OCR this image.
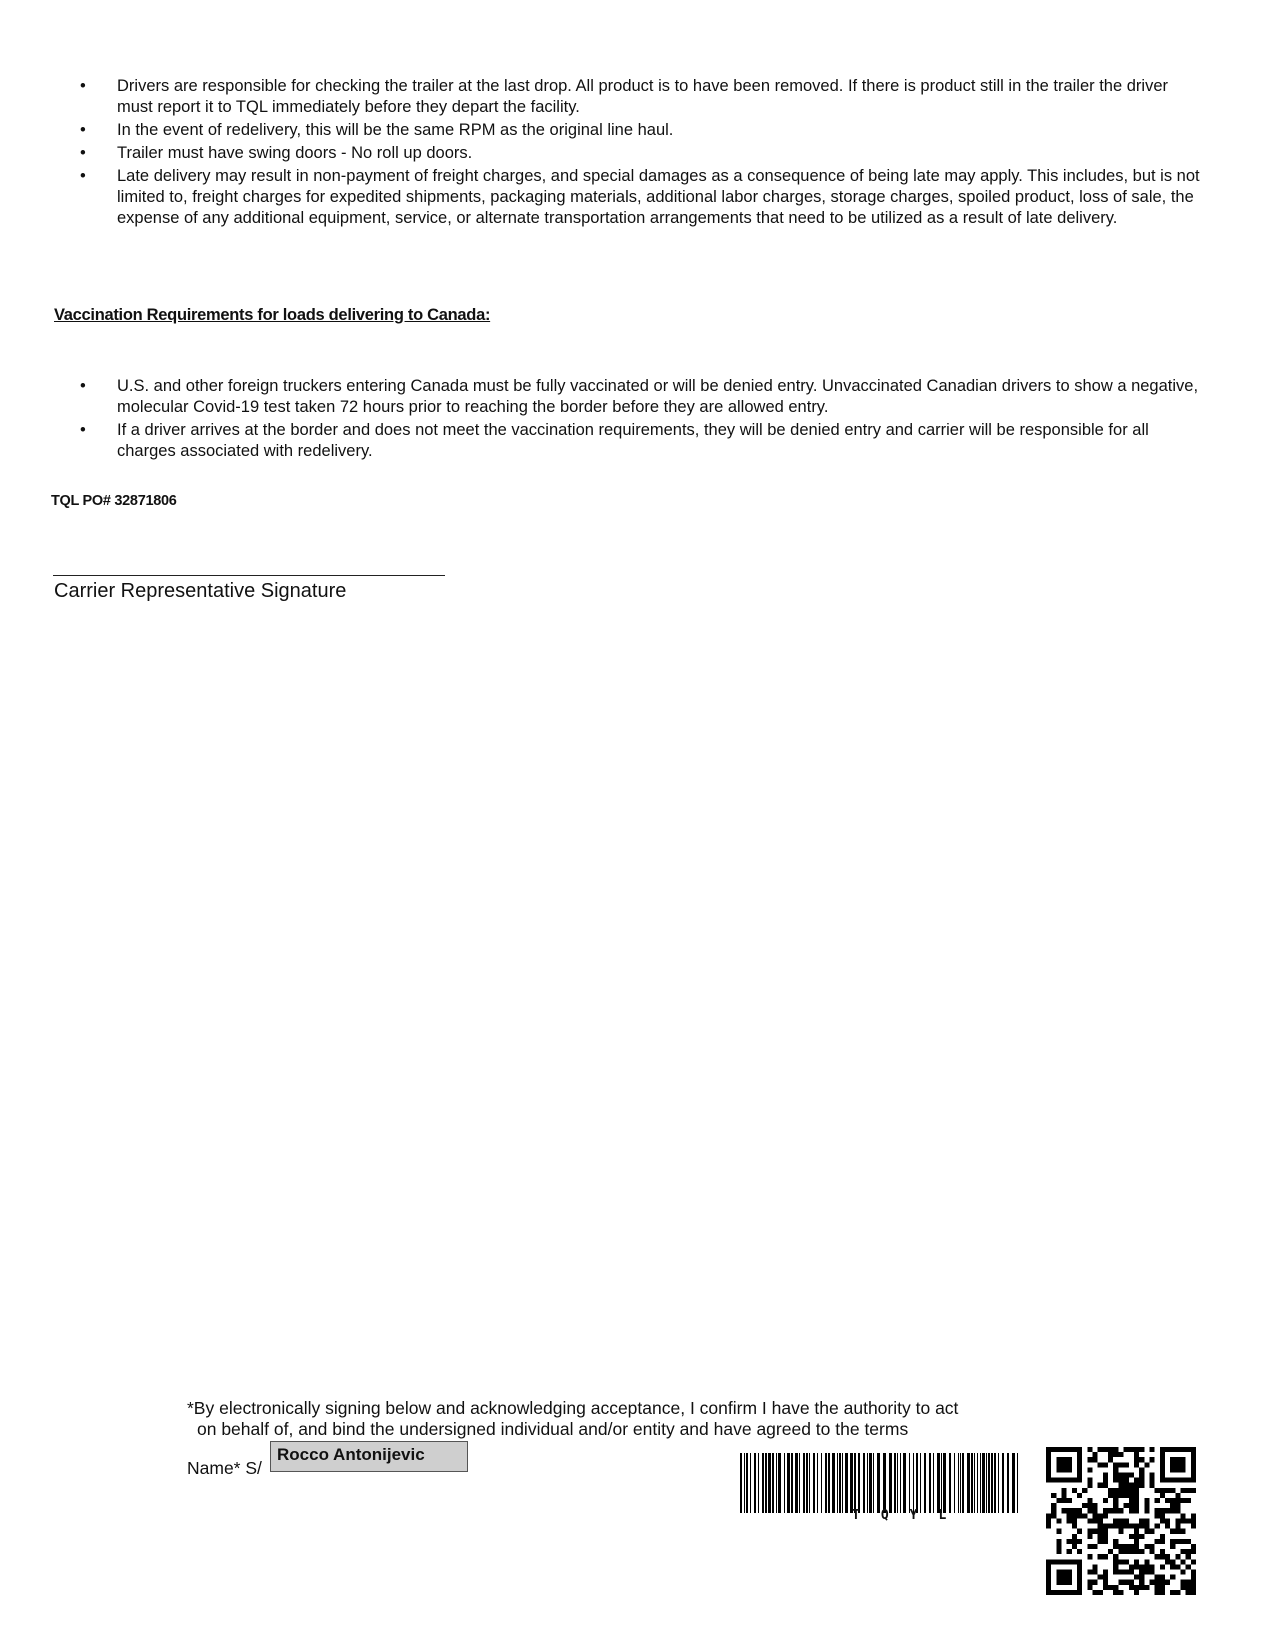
• Drivers are responsible for checking the trailer at the last drop. All product is to have been removed. If there is product still in the trailer the driver must report it to TQL immediately before they depart the facility.
• In the event of redelivery, this will be the same RPM as the original line haul.
• Trailer must have swing doors - No roll up doors.
• Late delivery may result in non-payment of freight charges, and special damages as a consequence of being late may apply. This includes, but is not limited to, freight charges for expedited shipments, packaging materials, additional labor charges, storage charges, spoiled product, loss of sale, the expense of any additional equipment, service, or alternate transportation arrangements that need to be utilized as a result of late delivery.
Vaccination Requirements for loads delivering to Canada:
• U.S. and other foreign truckers entering Canada must be fully vaccinated or will be denied entry. Unvaccinated Canadian drivers to show a negative, molecular Covid-19 test taken 72 hours prior to reaching the border before they are allowed entry.
• If a driver arrives at the border and does not meet the vaccination requirements, they will be denied entry and carrier will be responsible for all charges associated with redelivery.
TQL PO# 32871806
Carrier Representative Signature
*By electronically signing below and acknowledging acceptance, I confirm I have the authority to act
on behalf of, and bind the undersigned individual and/or entity and have agreed to the terms
Name* S/
Rocco Antonijevic
TQYL
